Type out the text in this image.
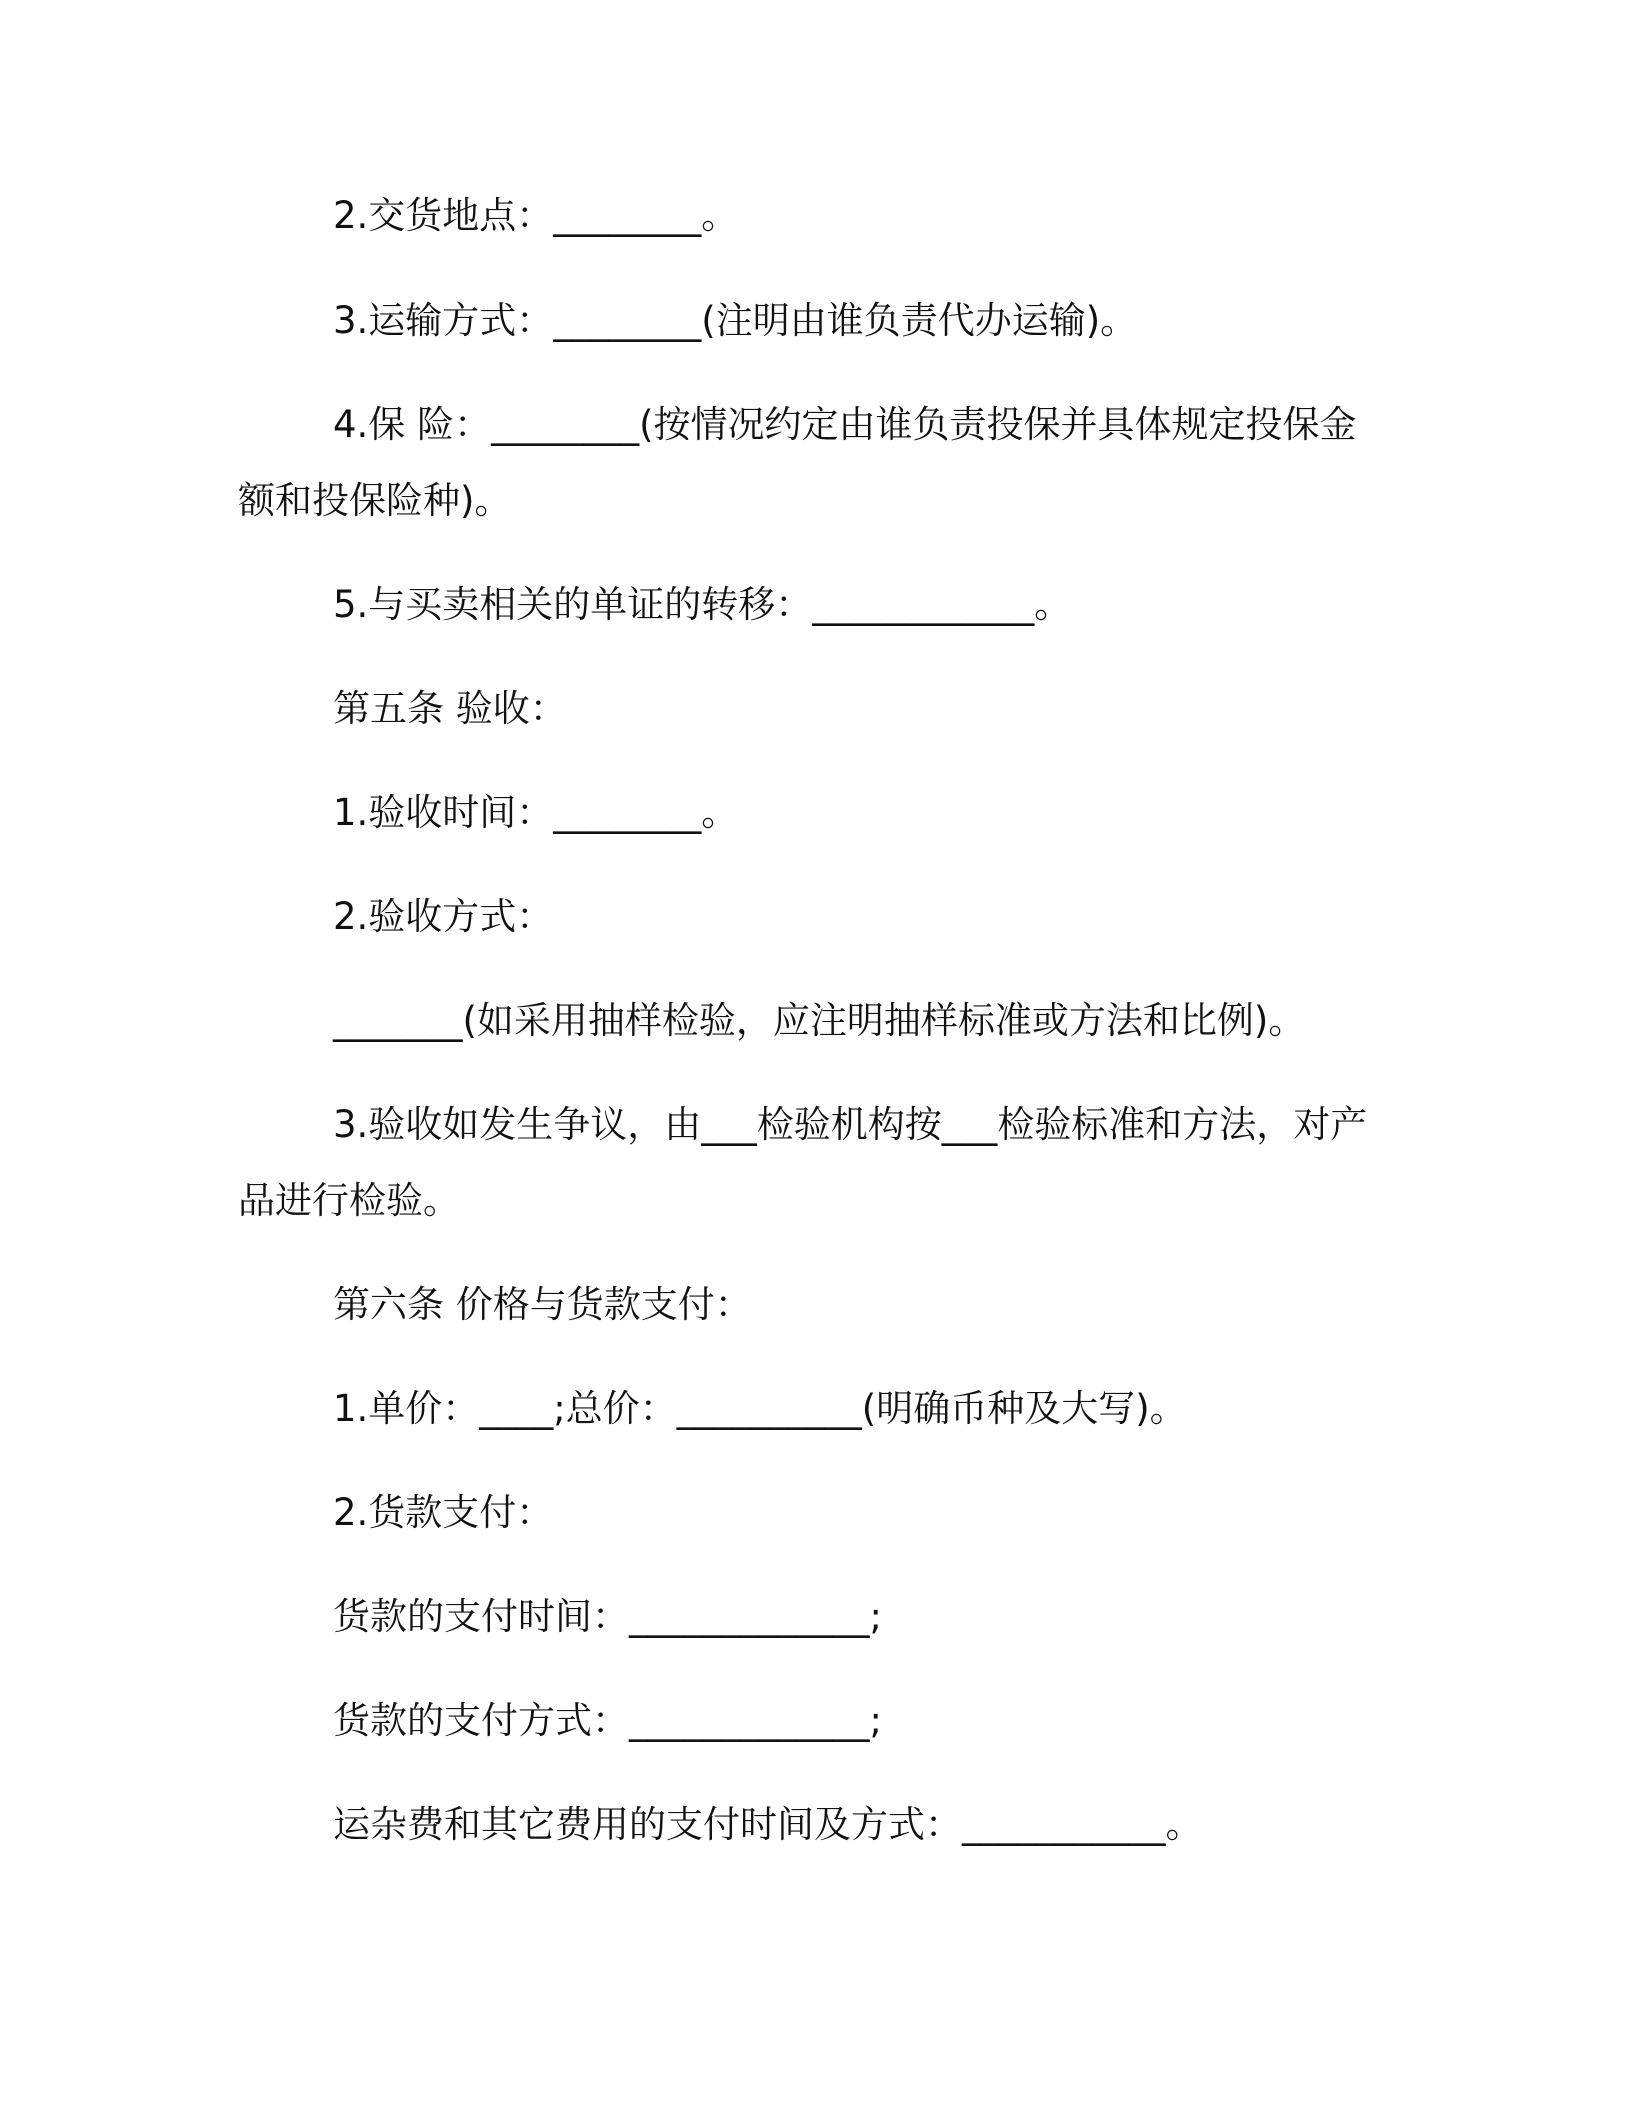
2.交货地点：________。
3.运输方式：________(注明由谁负责代办运输)。
4.保 险：________(按情况约定由谁负责投保并具体规定投保金
额和投保险种)。
5.与买卖相关的单证的转移：____________。
第五条 验收：
1.验收时间：________。
2.验收方式：
_______(如采用抽样检验，应注明抽样标准或方法和比例)。
3.验收如发生争议，由___检验机构按___检验标准和方法，对产
品进行检验。
第六条 价格与货款支付：
1.单价：____;总价：__________(明确币种及大写)。
2.货款支付：
货款的支付时间：_____________;
货款的支付方式：_____________;
运杂费和其它费用的支付时间及方式：___________。
